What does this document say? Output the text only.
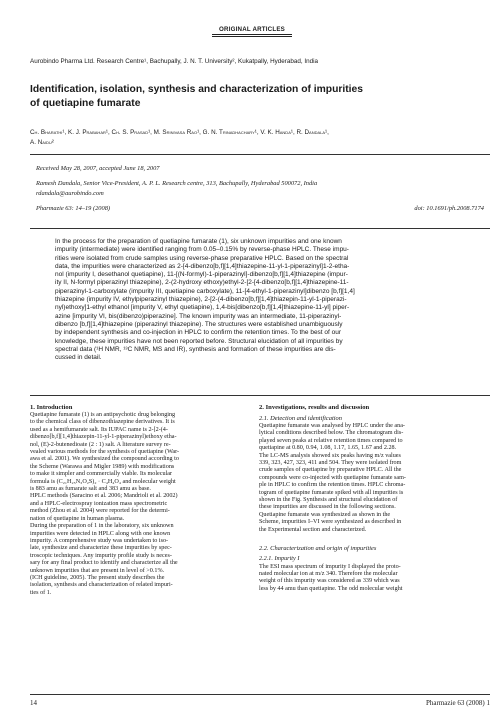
ORIGINAL ARTICLES
Aurobindo Pharma Ltd. Research Centre¹, Bachupally, J. N. T. University², Kukatpally, Hyderabad, India
Identification, isolation, synthesis and characterization of impurities
of quetiapine fumarate
Ch. Bharathi¹, K. J. Prabahar¹, Ch. S. Prasad¹, M. Srinivasa Rao¹, G. N. Trinadhachary¹, V. K. Handa¹, R. Dandala¹,
A. Naidu²
Received May 28, 2007, accepted June 18, 2007
Ramesh Dandala, Senior Vice-President, A. P. L. Research centre, 313, Bachupally, Hyderabad 500072, India
rdandala@aurobindo.com
Pharmazie 63: 14–19 (2008)	doi: 10.1691/ph.2008.7174
In the process for the preparation of quetiapine fumarate (1), six unknown impurities and one known
impurity (intermediate) were identified ranging from 0.05–0.15% by reverse-phase HPLC. These impu-
rities were isolated from crude samples using reverse-phase preparative HPLC. Based on the spectral
data, the impurities were characterized as 2-[4-dibenzo[b,f][1,4]thiazepine-11-yl-1-piperazinyl]1-2-etha-
nol (impurity I, desethanol quetiapine), 11-[(N-formyl)-1-piperazinyl]-dibenzo[b,f][1,4]thiazepine (impur-
ity II, N-formyl piperazinyl thiazepine), 2-(2-hydroxy ethoxy)ethyl-2-[2-[4-dibenzo[b,f][1,4]thiazepine-11-
piperazinyl-1-carboxylate (impurity III, quetiapine carboxylate), 11-[4-ethyl-1-piperazinyl]dibenzo [b,f][1,4]
thiazepine (impurity IV, ethylpiperazinyl thiazepine), 2-[2-(4-dibenzo[b,f][1,4]thiazepin-11-yl-1-piperazi-
nyl)ethoxy]1-ethyl ethanol [impurity V, ethyl quetiapine), 1,4-bis[dibenzo[b,f][1,4]thiazepine-11-yl] piper-
azine [impurity VI, bis(dibenzo)piperazine]. The known impurity was an intermediate, 11-piperazinyl-
dibenzo [b,f][1,4]thiazepine (piperazinyl thiazepine). The structures were established unambiguously
by independent synthesis and co-injection in HPLC to confirm the retention times. To the best of our
knowledge, these impurities have not been reported before. Structural elucidation of all impurities by
spectral data (¹H NMR, ¹³C NMR, MS and IR), synthesis and formation of these impurities are dis-
cussed in detail.
1. Introduction
Quetiapine fumarate (1) is an antipsychotic drug belonging
to the chemical class of dibenzothiazepine derivatives. It is
used as a hemifumarate salt. Its IUPAC name is 2-[2-(4-
dibenzo[b,f][1,4]thiazepin-11-yl-1-piperazinyl)ethoxy etha-
nol, (E)-2-butenedioate (2 : 1) salt. A literature survey re-
vealed various methods for the synthesis of quetiapine (War-
awa et al. 2001). We synthesized the compound according to
the Scheme (Warawa and Migler 1989) with modifications
to make it simpler and commercially viable. Its molecular
formula is (C₂₁H₂₅N₃O₂S)₂ · C₄H₄O₄ and molecular weight
is 883 amu as fumarate salt and 383 amu as base.
HPLC methods (Saracino et al. 2006; Mandrioli et al. 2002)
and a HPLC-electrospray ionization mass spectrometric
method (Zhou et al. 2004) were reported for the determi-
nation of quetiapine in human plasma.
During the preparation of 1 in the laboratory, six unknown
impurities were detected in HPLC along with one known
impurity. A comprehensive study was undertaken to iso-
late, synthesize and characterize these impurities by spec-
troscopic techniques. Any impurity profile study is neces-
sary for any final product to identify and characterize all the
unknown impurities that are present in level of >0.1%.
(ICH guideline, 2005). The present study describes the
isolation, synthesis and characterization of related impuri-
ties of 1.
2. Investigations, results and discussion
2.1. Detection and identification
Quetiapine fumarate was analysed by HPLC under the ana-
lytical conditions described below. The chromatogram dis-
played seven peaks at relative retention times compared to
quetiapine at 0.80, 0.94, 1.08, 1.17, 1.65, 1.67 and 2.28.
The LC-MS analysis showed six peaks having m/z values
339, 323, 427, 323, 411 and 504. They were isolated from
crude samples of quetiapine by preparative HPLC. All the
compounds were co-injected with quetiapine fumarate sam-
ple in HPLC to confirm the retention times. HPLC chroma-
togram of quetiapine fumarate spiked with all impurities is
shown in the Fig. Synthesis and structural elucidation of
these impurities are discussed in the following sections.
Quetiapine fumarate was synthesized as shown in the
Scheme, impurities I–VI were synthesized as described in
the Experimental section and characterized.
2.2. Characterization and origin of impurities
2.2.1. Impurity I
The ESI mass spectrum of impurity I displayed the proto-
nated molecular ion at m/z 340. Therefore the molecular
weight of this impurity was considered as 339 which was
less by 44 amu than quetiapine. The odd molecular weight
14	Pharmazie 63 (2008) 1
